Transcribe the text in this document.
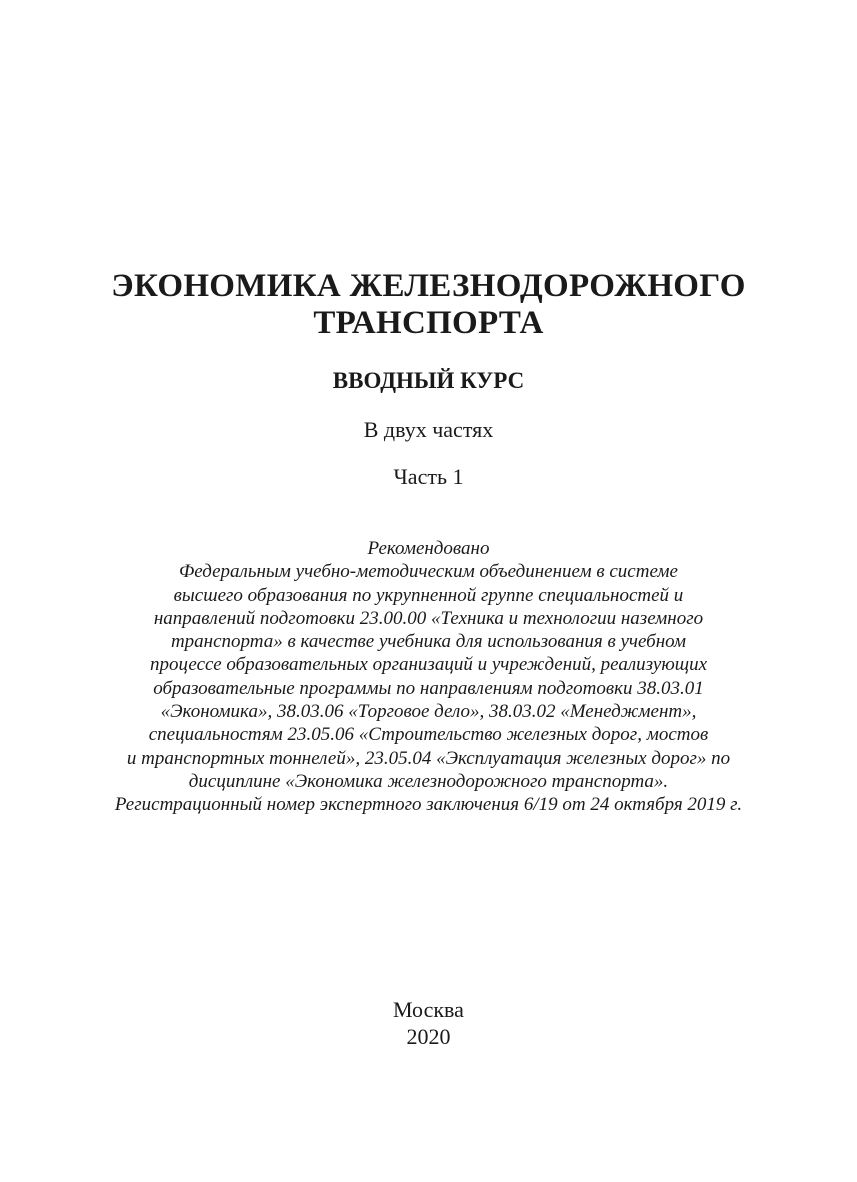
ЭКОНОМИКА ЖЕЛЕЗНОДОРОЖНОГО
ТРАНСПОРТА
ВВОДНЫЙ КУРС
В двух частях
Часть 1
Рекомендовано
Федеральным учебно-методическим объединением в системе
высшего образования по укрупненной группе специальностей и
направлений подготовки 23.00.00 «Техника и технологии наземного
транспорта» в качестве учебника для использования в учебном
процессе образовательных организаций и учреждений, реализующих
образовательные программы по направлениям подготовки 38.03.01
«Экономика», 38.03.06 «Торговое дело», 38.03.02 «Менеджмент»,
специальностям 23.05.06 «Строительство железных дорог, мостов
и транспортных тоннелей», 23.05.04 «Эксплуатация железных дорог» по
дисциплине «Экономика железнодорожного транспорта».
Регистрационный номер экспертного заключения 6/19 от 24 октября 2019 г.
Москва
2020
